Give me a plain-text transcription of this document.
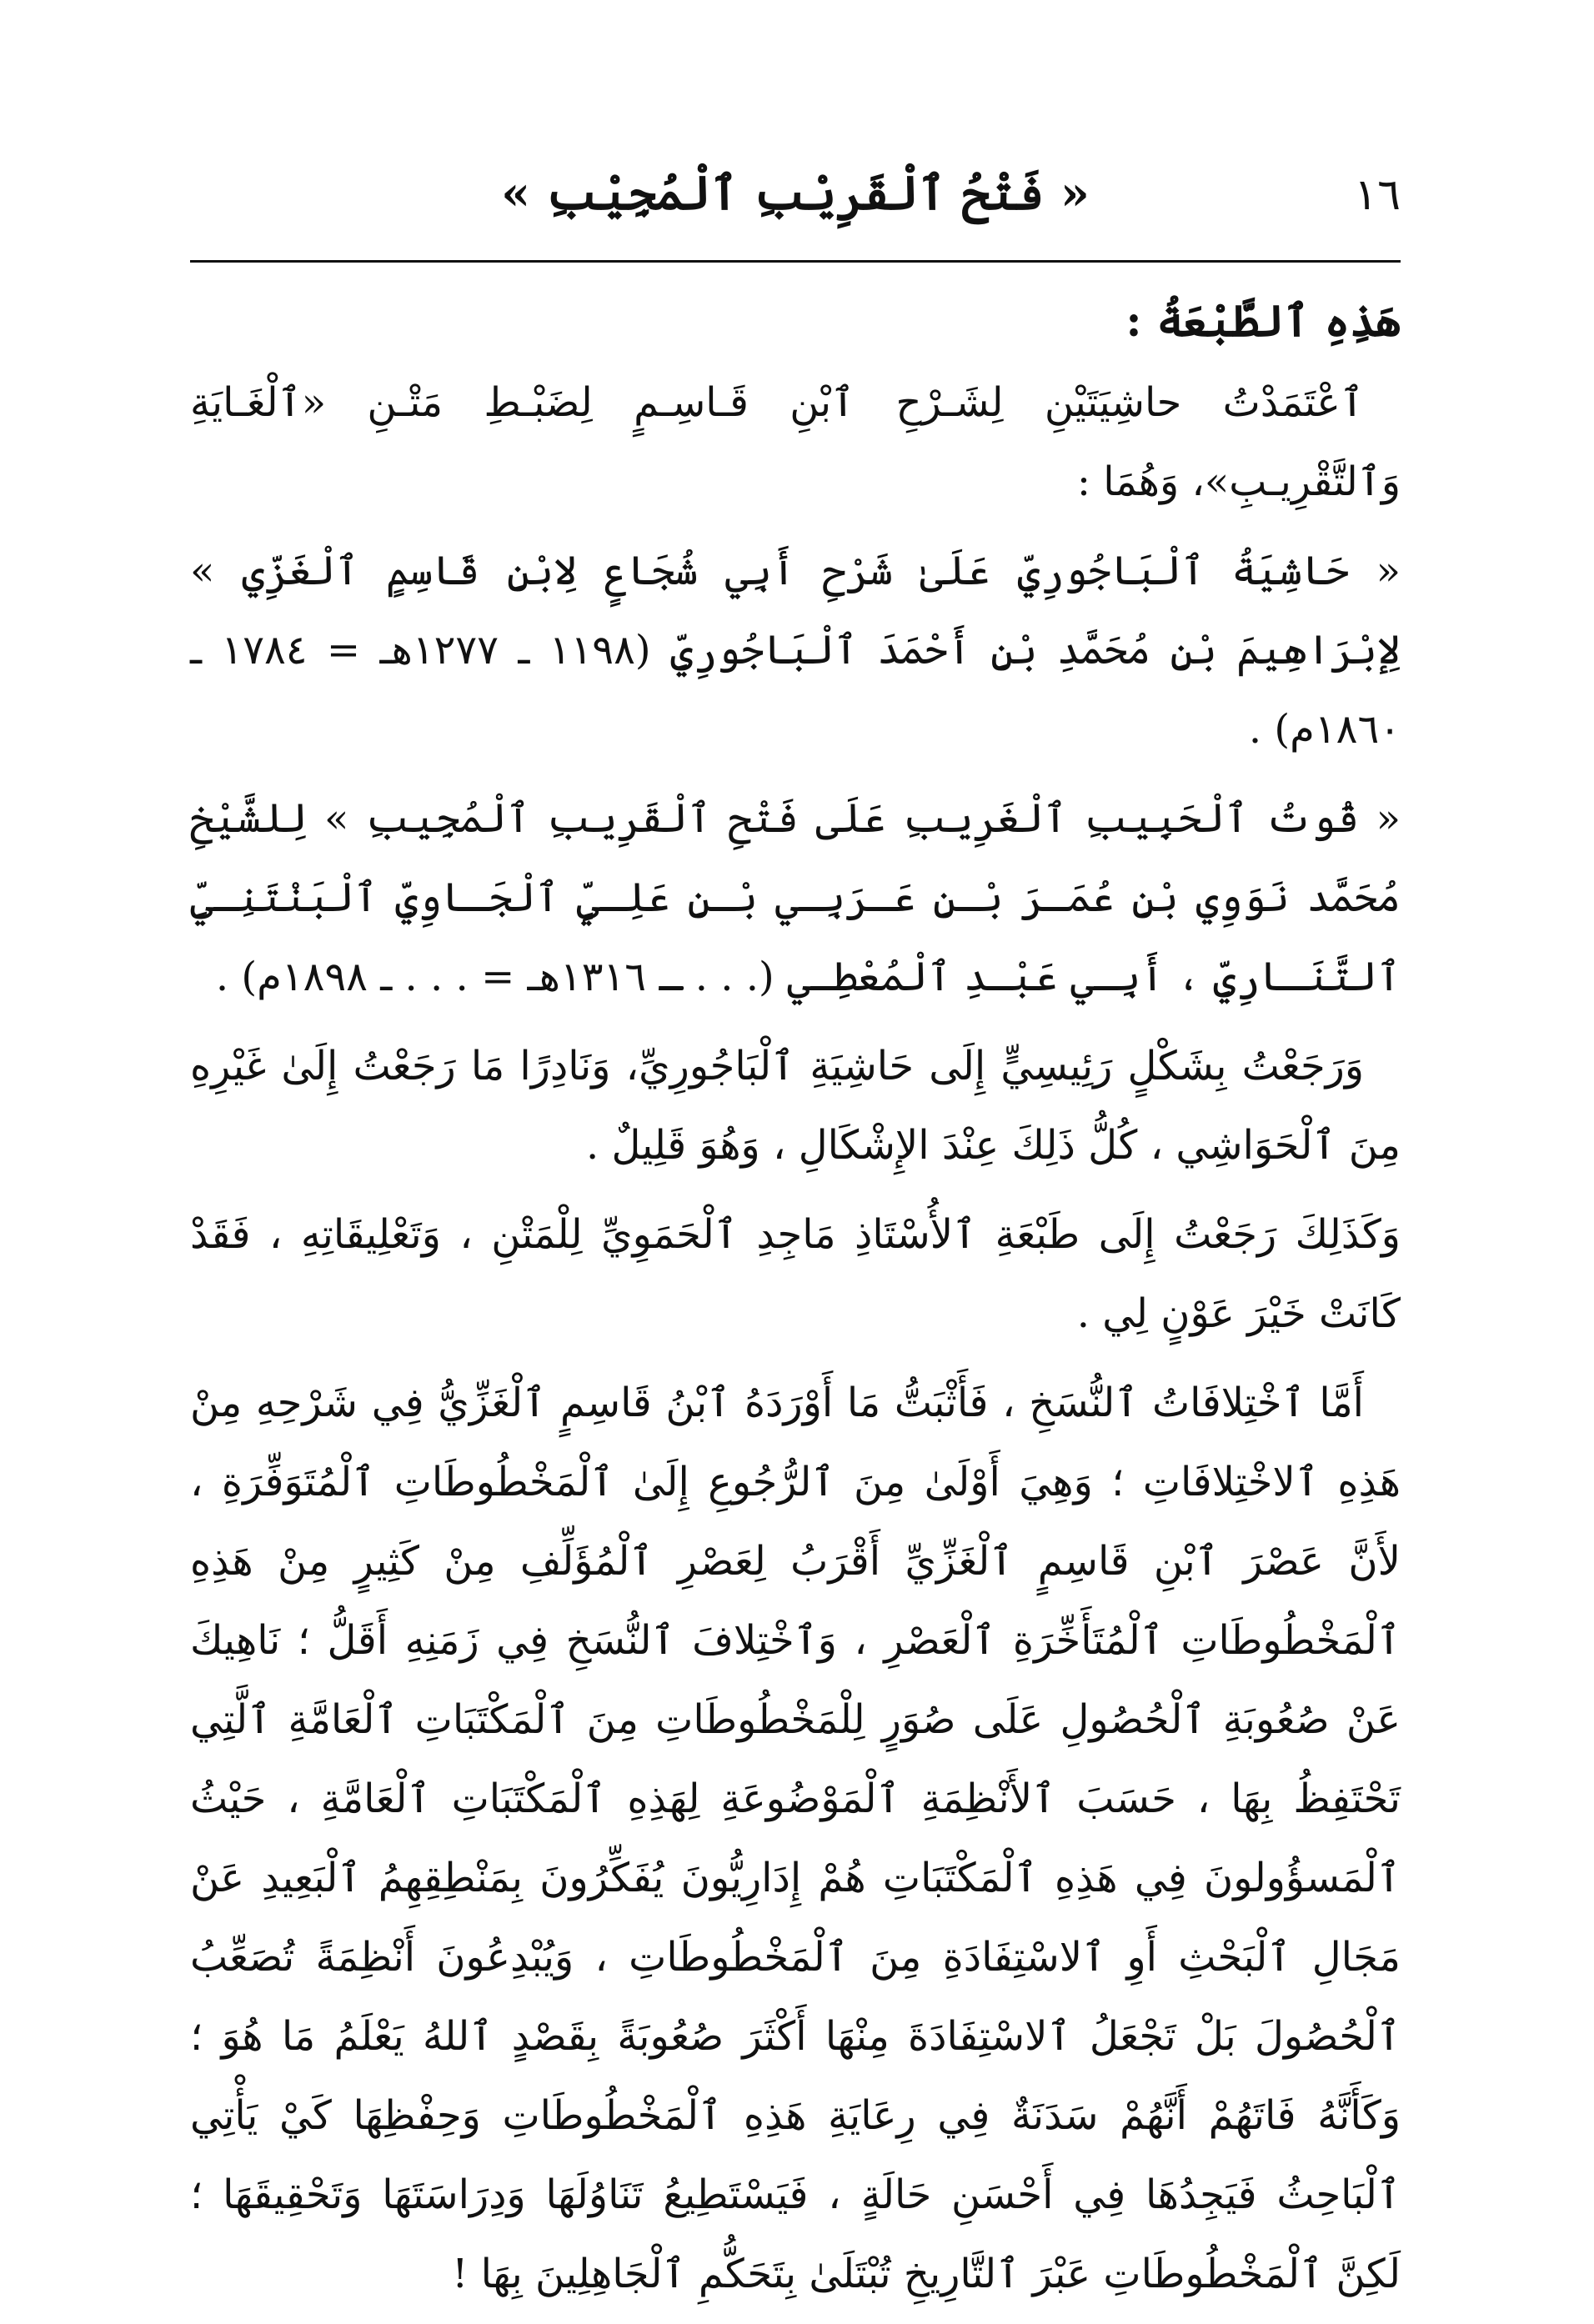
١٦
« فَتْحُ ٱلْقَرِيْبِ ٱلْمُجِيْبِ »

هَذِهِ ٱلطَّبْعَةُ :

ٱعْتَمَدْتُ حاشِيَتَيْنِ لِشَـرْحِ ٱبْنِ قَـاسِـمٍ لِضَبْـطِ مَتْـنِ «ٱلْغَـايَةِ وَٱلتَّقْرِيـبِ»، وَهُمَا :

« حَاشِيَةُ ٱلْبَاجُورِيِّ عَلَىٰ شَرْحِ أَبِي شُجَاعٍ لِابْنِ قَاسِمٍ ٱلْغَزِّي » لِإبْرَاهِيمَ بْنِ مُحَمَّدِ بْنِ أَحْمَدَ ٱلْبَاجُورِيِّ (١١٩٨ ـ ١٢٧٧هـ = ١٧٨٤ ـ ١٨٦٠م) .

« قُوتُ ٱلْحَبِيبِ ٱلْغَرِيبِ عَلَى فَتْحِ ٱلْقَرِيبِ ٱلْمُجِيبِ » لِلشَّيْخِ مُحَمَّد نَوَوِي بْنِ عُمَـرَ بْـنِ عَـرَبِـي بْـنِ عَلِـيٍّ ٱلْجَـاوِيِّ ٱلْبَنْتَنِـيِّ ٱلتَّنَـارِيِّ ، أَبِـي عَبْـدِ ٱلْمُعْطِـي (. . . ـ ١٣١٦هـ = . . . ـ ١٨٩٨م) .

وَرَجَعْتُ بِشَكْلٍ رَئِيسِيٍّ إِلَى حَاشِيَةِ ٱلْبَاجُورِيِّ، وَنَادِرًا مَا رَجَعْتُ إِلَىٰ غَيْرِهِ مِنَ ٱلْحَوَاشِي ، كُلُّ ذَلِكَ عِنْدَ الإِشْكَالِ ، وَهُوَ قَلِيلٌ .

وَكَذَلِكَ رَجَعْتُ إِلَى طَبْعَةِ ٱلأُسْتَاذِ مَاجِدِ ٱلْحَمَوِيِّ لِلْمَتْنِ ، وَتَعْلِيقَاتِهِ ، فَقَدْ كَانَتْ خَيْرَ عَوْنٍ لِي .

أَمَّا ٱخْتِلافَاتُ ٱلنُّسَخِ ، فَأَثْبَتُّ مَا أَوْرَدَهُ ٱبْنُ قَاسِمٍ ٱلْغَزِّيُّ فِي شَرْحِهِ مِنْ هَذِهِ ٱلاخْتِلافَاتِ ؛ وَهِيَ أَوْلَىٰ مِنَ ٱلرُّجُوعِ إِلَىٰ ٱلْمَخْطُوطَاتِ ٱلْمُتَوَفِّرَةِ ، لأَنَّ عَصْرَ ٱبْنِ قَاسِمٍ ٱلْغَزِّيِّ أَقْرَبُ لِعَصْرِ ٱلْمُؤَلِّفِ مِنْ كَثِيرٍ مِنْ هَذِهِ ٱلْمَخْطُوطَاتِ ٱلْمُتَأَخِّرَةِ ٱلْعَصْرِ ، وَٱخْتِلافَ ٱلنُّسَخِ فِي زَمَنِهِ أَقَلُّ ؛ نَاهِيكَ عَنْ صُعُوبَةِ ٱلْحُصُولِ عَلَى صُوَرٍ لِلْمَخْطُوطَاتِ مِنَ ٱلْمَكْتَبَاتِ ٱلْعَامَّةِ ٱلَّتِي تَحْتَفِظُ بِهَا ، حَسَبَ ٱلأَنْظِمَةِ ٱلْمَوْضُوعَةِ لِهَذِهِ ٱلْمَكْتَبَاتِ ٱلْعَامَّةِ ، حَيْثُ ٱلْمَسؤُولونَ فِي هَذِهِ ٱلْمَكْتَبَاتِ هُمْ إِدَارِيُّونَ يُفَكِّرُونَ بِمَنْطِقِهِمُ ٱلْبَعِيدِ عَنْ مَجَالِ ٱلْبَحْثِ أَوِ ٱلاسْتِفَادَةِ مِنَ ٱلْمَخْطُوطَاتِ ، وَيُبْدِعُونَ أَنْظِمَةً تُصَعِّبُ ٱلْحُصُولَ بَلْ تَجْعَلُ ٱلاسْتِفَادَةَ مِنْهَا أَكْثَرَ صُعُوبَةً بِقَصْدٍ ٱللهُ يَعْلَمُ مَا هُوَ ؛ وَكَأَنَّهُ فَاتَهُمْ أَنَّهُمْ سَدَنَةٌ فِي رِعَايَةِ هَذِهِ ٱلْمَخْطُوطَاتِ وَحِفْظِهَا كَيْ يَأْتِي ٱلْبَاحِثُ فَيَجِدُهَا فِي أَحْسَنِ حَالَةٍ ، فَيَسْتَطِيعُ تَنَاوُلَهَا وَدِرَاسَتَهَا وَتَحْقِيقَهَا ؛ لَكِنَّ ٱلْمَخْطُوطَاتِ عَبْرَ ٱلتَّارِيخِ تُبْتَلَىٰ بِتَحَكُّمِ ٱلْجَاهِلِينَ بِهَا !
